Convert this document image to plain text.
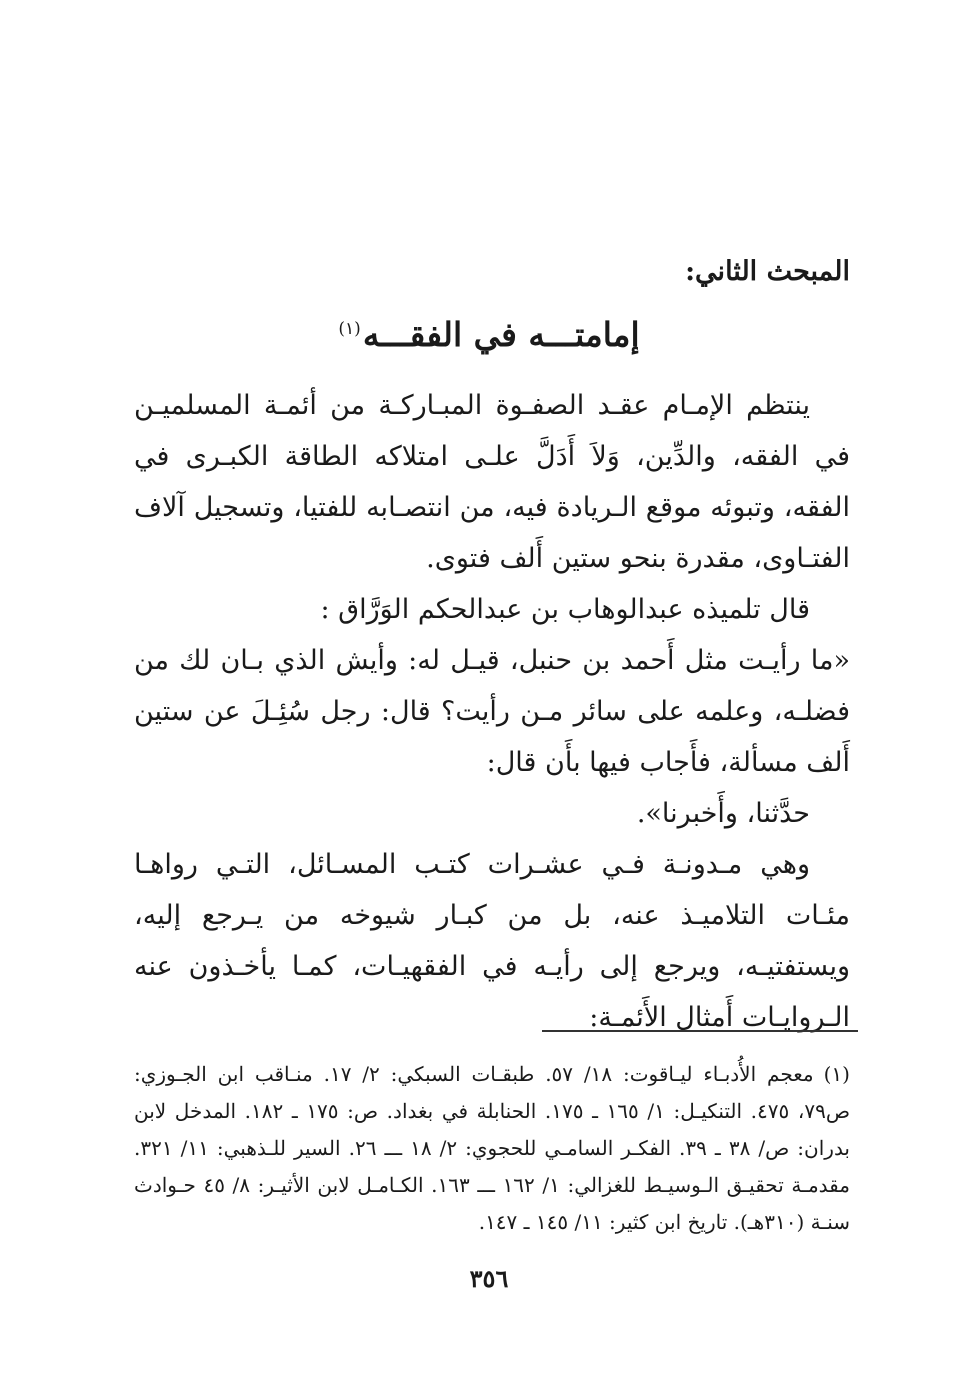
المبحث الثاني:
إمامتـــه في الفقـــه$^{(١)}$

ينتظم الإمـام عقـد الصفـوة المبـاركـة من أئمـة المسلميـن في الفقه، والدِّين، وَلاَ أَدَلَّ علـى امتلاكه الطاقة الكبـرى في الفقه، وتبوئه موقع الـريادة فيه، من انتصـابه للفتيا، وتسجيل آلاف الفتـاوى، مقدرة بنحو ستين أَلف فتوى.

قال تلميذه عبدالوهاب بن عبدالحكم الوَرَّاق :

«ما رأيـت مثل أَحمد بن حنبل، قيـل له: وأيش الذي بـان لك من فضلـه، وعلمه على سائر مـن رأيت؟ قال: رجل سُئِـلَ عن ستين أَلف مسألة، فأَجاب فيها بأَن قال:

حدَّثنا، وأَخبرنا».

وهي مـدونـة فـي عشـرات كتـب المسـائل، التـي رواهـا مئـات التلاميـذ عنه، بل من كبـار شيوخه من يـرجع إليه، ويستفتيـه، ويرجع إلى رأيـه في الفقهيـات، كمـا يأخـذون عنه الـروايـات أَمثال الأَئمـة:

(١)معجم الأُدبـاء ليـاقوت: ١٨/ ٥٧. طبقـات السبكي: ٢/ ١٧. منـاقب ابن الجـوزي: ص٧٩، ٤٧٥. التنكيـل: ١/ ١٦٥ ـ ١٧٥. الحنابلة في بغداد. ص: ١٧٥ ـ ١٨٢. المدخل لابن بدران: ص/ ٣٨ ـ ٣٩. الفكـر السامـي للحجوي: ٢/ ١٨ ـــ ٢٦. السير للـذهبي: ١١/ ٣٢١. مقدمـة تحقيـق الـوسيـط للغزالي: ١/ ١٦٢ ـــ ١٦٣. الكـامـل لابن الأثيـر: ٨/ ٤٥ حـوادث سنـة (٣١٠هـ). تاريخ ابن كثير: ١١/ ١٤٥ ـ ١٤٧.
٣٥٦
